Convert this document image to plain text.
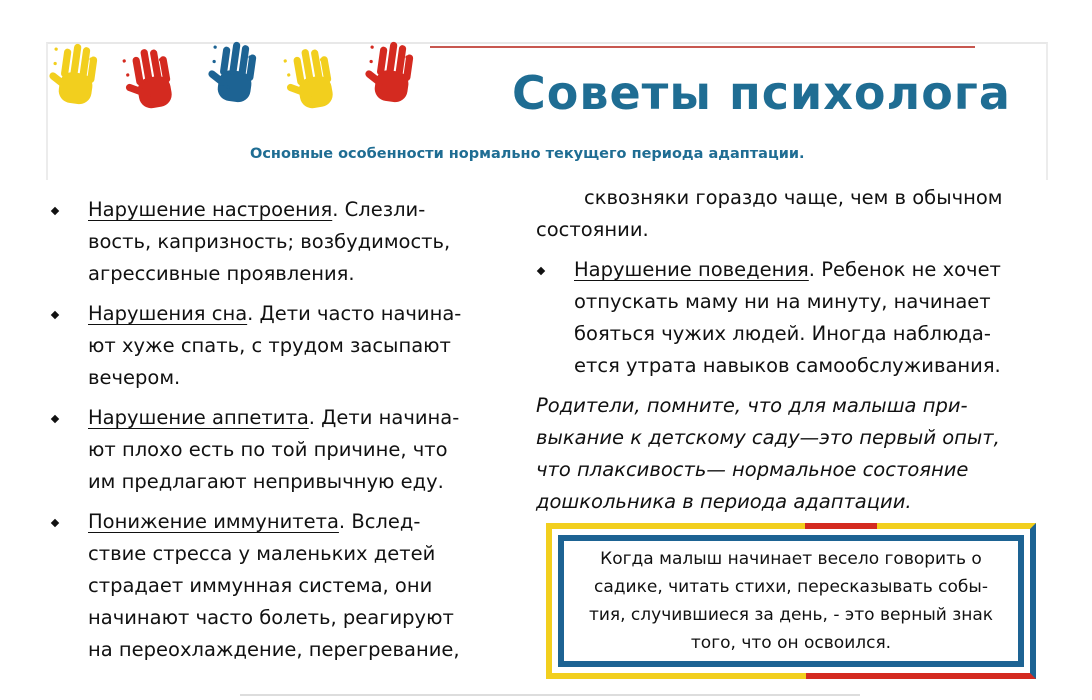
Советы психолога
Основные особенности нормально текущего периода адаптации.
Нарушение настроения. Слезли-
вость, капризность; возбудимость,
агрессивные проявления.
Нарушения сна. Дети часто начина-
ют хуже спать, с трудом засыпают
вечером.
Нарушение аппетита. Дети начина-
ют плохо есть по той причине, что
им предлагают непривычную еду.
Понижение иммунитета. Вслед-
ствие стресса у маленьких детей
страдает иммунная система, они
начинают часто болеть, реагируют
на переохлаждение, перегревание,
сквозняки гораздо чаще, чем в обычном
состоянии.
Нарушение поведения. Ребенок не хочет
отпускать маму ни на минуту, начинает
бояться чужих людей. Иногда наблюда-
ется утрата навыков самообслуживания.
Родители, помните, что для малыша при-
выкание к детскому саду—это первый опыт,
что плаксивость— нормальное состояние
дошкольника в периода адаптации.
Когда малыш начинает весело говорить о
садике, читать стихи, пересказывать собы-
тия, случившиеся за день, - это верный знак
того, что он освоился.
